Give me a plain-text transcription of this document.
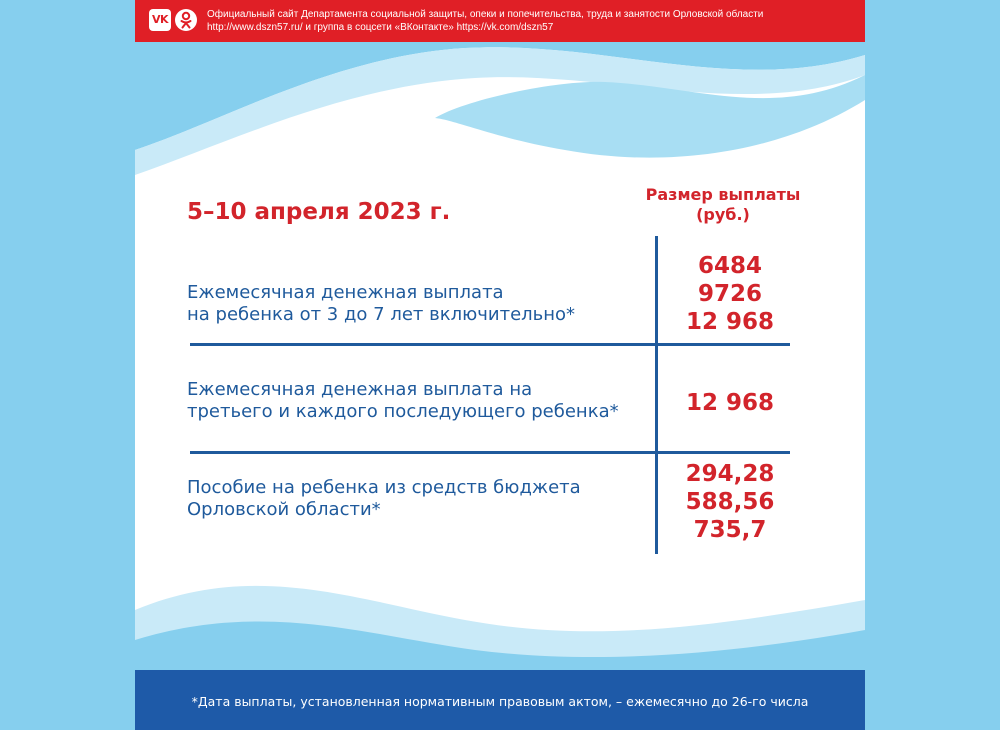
VK	Официальный сайт Департамента социальной защиты, опеки и попечительства, труда и занятости Орловской области
http://www.dszn57.ru/ и группа в соцсети «ВКонтакте» https://vk.com/dszn57
5–10 апреля 2023 г.
Размер выплаты
(руб.)
Ежемесячная денежная выплата
на ребенка от 3 до 7 лет включительно*
6484
9726
12 968
Ежемесячная денежная выплата на
третьего и каждого последующего ребенка*	12 968
Пособие на ребенка из средств бюджета
Орловской области*
294,28
588,56
735,7
*Дата выплаты, установленная нормативным правовым актом, – ежемесячно до 26-го числа
